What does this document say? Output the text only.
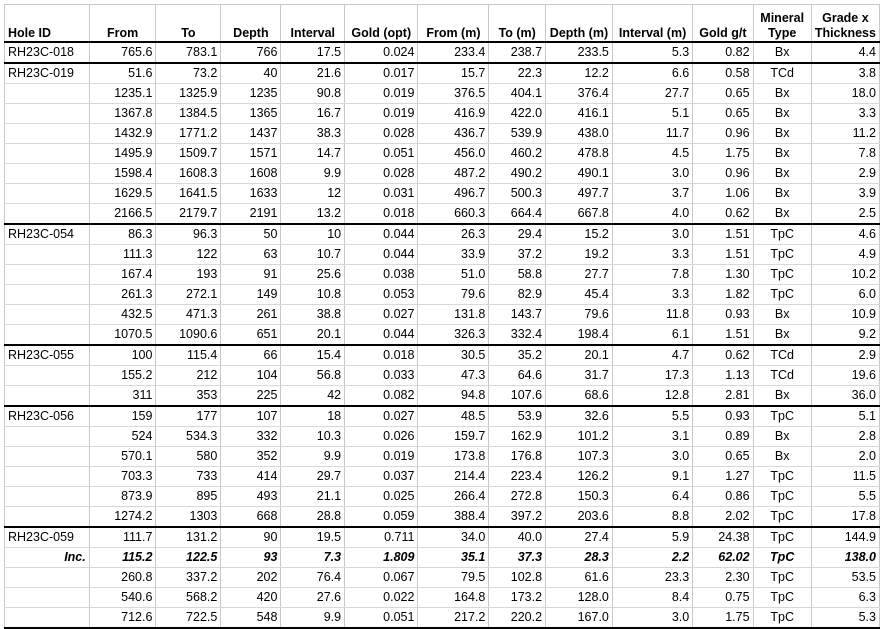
Hole ID	From	To	Depth	Interval	Gold (opt)	From (m)	To (m)	Depth (m)	Interval (m)	Gold g/t	Mineral Type	Grade x Thickness
RH23C-018	765.6	783.1	766	17.5	0.024	233.4	238.7	233.5	5.3	0.82	Bx	4.4
RH23C-019	51.6	73.2	40	21.6	0.017	15.7	22.3	12.2	6.6	0.58	TCd	3.8
	1235.1	1325.9	1235	90.8	0.019	376.5	404.1	376.4	27.7	0.65	Bx	18.0
	1367.8	1384.5	1365	16.7	0.019	416.9	422.0	416.1	5.1	0.65	Bx	3.3
	1432.9	1771.2	1437	38.3	0.028	436.7	539.9	438.0	11.7	0.96	Bx	11.2
	1495.9	1509.7	1571	14.7	0.051	456.0	460.2	478.8	4.5	1.75	Bx	7.8
	1598.4	1608.3	1608	9.9	0.028	487.2	490.2	490.1	3.0	0.96	Bx	2.9
	1629.5	1641.5	1633	12	0.031	496.7	500.3	497.7	3.7	1.06	Bx	3.9
	2166.5	2179.7	2191	13.2	0.018	660.3	664.4	667.8	4.0	0.62	Bx	2.5
RH23C-054	86.3	96.3	50	10	0.044	26.3	29.4	15.2	3.0	1.51	TpC	4.6
	111.3	122	63	10.7	0.044	33.9	37.2	19.2	3.3	1.51	TpC	4.9
	167.4	193	91	25.6	0.038	51.0	58.8	27.7	7.8	1.30	TpC	10.2
	261.3	272.1	149	10.8	0.053	79.6	82.9	45.4	3.3	1.82	TpC	6.0
	432.5	471.3	261	38.8	0.027	131.8	143.7	79.6	11.8	0.93	Bx	10.9
	1070.5	1090.6	651	20.1	0.044	326.3	332.4	198.4	6.1	1.51	Bx	9.2
RH23C-055	100	115.4	66	15.4	0.018	30.5	35.2	20.1	4.7	0.62	TCd	2.9
	155.2	212	104	56.8	0.033	47.3	64.6	31.7	17.3	1.13	TCd	19.6
	311	353	225	42	0.082	94.8	107.6	68.6	12.8	2.81	Bx	36.0
RH23C-056	159	177	107	18	0.027	48.5	53.9	32.6	5.5	0.93	TpC	5.1
	524	534.3	332	10.3	0.026	159.7	162.9	101.2	3.1	0.89	Bx	2.8
	570.1	580	352	9.9	0.019	173.8	176.8	107.3	3.0	0.65	Bx	2.0
	703.3	733	414	29.7	0.037	214.4	223.4	126.2	9.1	1.27	TpC	11.5
	873.9	895	493	21.1	0.025	266.4	272.8	150.3	6.4	0.86	TpC	5.5
	1274.2	1303	668	28.8	0.059	388.4	397.2	203.6	8.8	2.02	TpC	17.8
RH23C-059	111.7	131.2	90	19.5	0.711	34.0	40.0	27.4	5.9	24.38	TpC	144.9
Inc.	115.2	122.5	93	7.3	1.809	35.1	37.3	28.3	2.2	62.02	TpC	138.0
	260.8	337.2	202	76.4	0.067	79.5	102.8	61.6	23.3	2.30	TpC	53.5
	540.6	568.2	420	27.6	0.022	164.8	173.2	128.0	8.4	0.75	TpC	6.3
	712.6	722.5	548	9.9	0.051	217.2	220.2	167.0	3.0	1.75	TpC	5.3
